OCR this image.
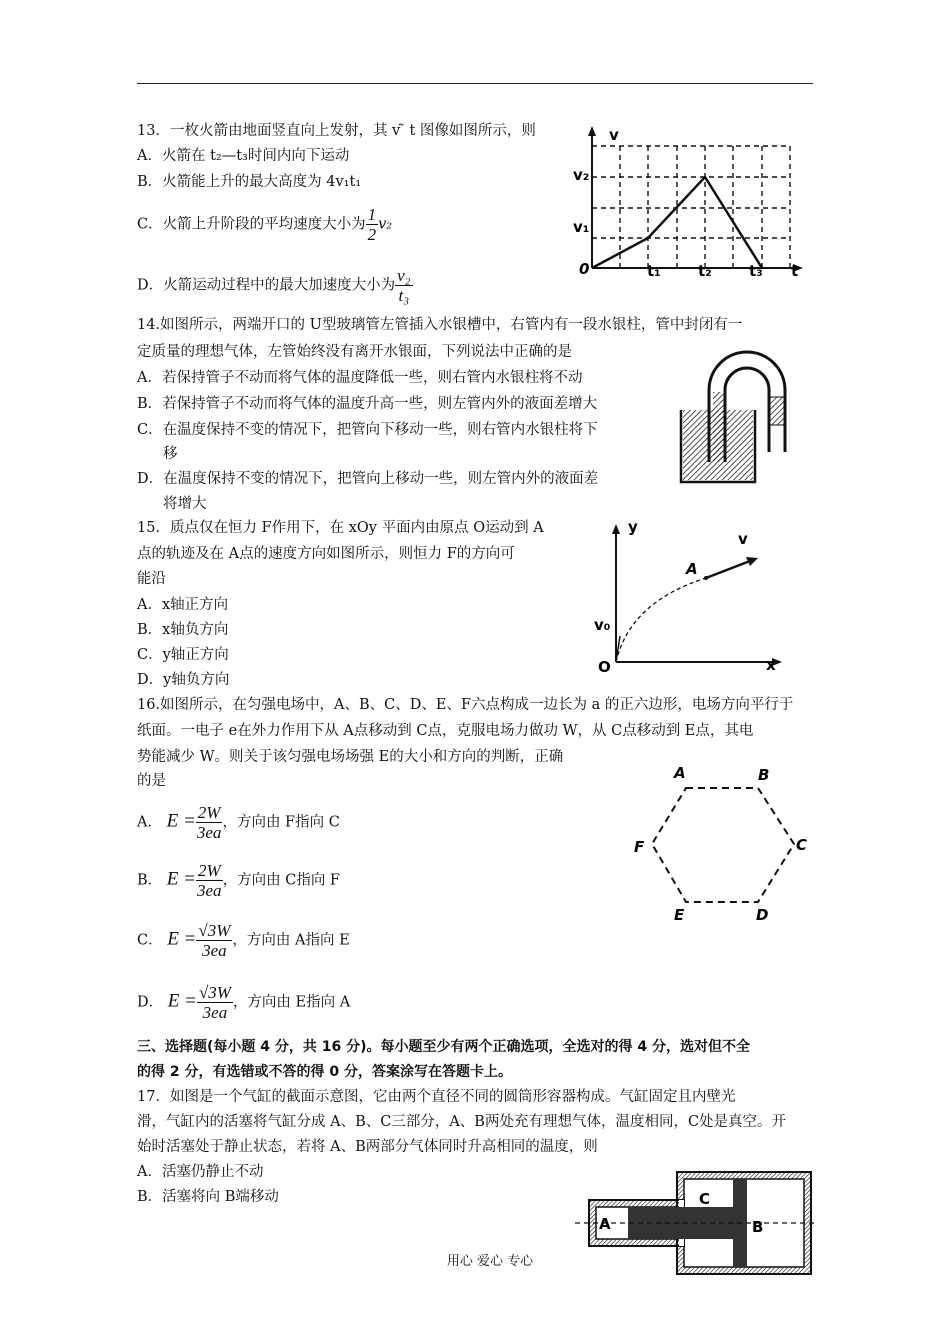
13．一枚火箭由地面竖直向上发射，其 v ̃ t 图像如图所示，则
A．火箭在 t₂—t₃时间内向下运动
B．火箭能上升的最大高度为 4v₁t₁
C．火箭上升阶段的平均速度大小为 $\frac{1}{2} v_2$
D．火箭运动过程中的最大加速度大小为 $\frac{\text{v₂}}{\text{t₃}}$
v
v₂
v₁
0	t₁ t₂ t₃ t
14.如图所示，两端开口的 U型玻璃管左管插入水银槽中，右管内有一段水银柱，管中封闭有一
定质量的理想气体，左管始终没有离开水银面，下列说法中正确的是
A．若保持管子不动而将气体的温度降低一些，则右管内水银柱将不动
B．若保持管子不动而将气体的温度升高一些，则左管内外的液面差增大
C．在温度保持不变的情况下，把管向下移动一些，则右管内水银柱将下
移
D．在温度保持不变的情况下，把管向上移动一些，则左管内外的液面差
将增大
15．质点仅在恒力 F作用下，在 xOy 平面内由原点 O运动到 A
点的轨迹及在 A点的速度方向如图所示，则恒力 F的方向可
能沿
A．x轴正方向
B．x轴负方向
C．y轴正方向
D．y轴负方向
y
v
A
v₀
O	x
16.如图所示，在匀强电场中，A、B、C、D、E、F六点构成一边长为 a 的正六边形，电场方向平行于
纸面。一电子 e在外力作用下从 A点移动到 C点，克服电场力做功 W，从 C点移动到 E点，其电
势能减少 W。则关于该匀强电场场强 E的大小和方向的判断，正确
的是
A． $E = \frac{2W}{3ea}$ ，方向由 F指向 C
B． $E = \frac{2W}{3ea}$ ，方向由 C指向 F
C． $E = \frac{√3W}{3ea}$ ，方向由 A指向 E
D． $E = \frac{√3W}{3ea}$ ，方向由 E指向 A
A	B
C
D
E
F
三、选择题(每小题 4 分，共 16 分)。每小题至少有两个正确选项，全选对的得 4 分，选对但不全
的得 2 分，有选错或不答的得 0 分，答案涂写在答题卡上。
17．如图是一个气缸的截面示意图，它由两个直径不同的圆筒形容器构成。气缸固定且内壁光
滑，气缸内的活塞将气缸分成 A、B、C三部分，A、B两处充有理想气体，温度相同，C处是真空。开
始时活塞处于静止状态，若将 A、B两部分气体同时升高相同的温度，则
A．活塞仍静止不动
B．活塞将向 B端移动
A
C
B
用心 爱心 专心
